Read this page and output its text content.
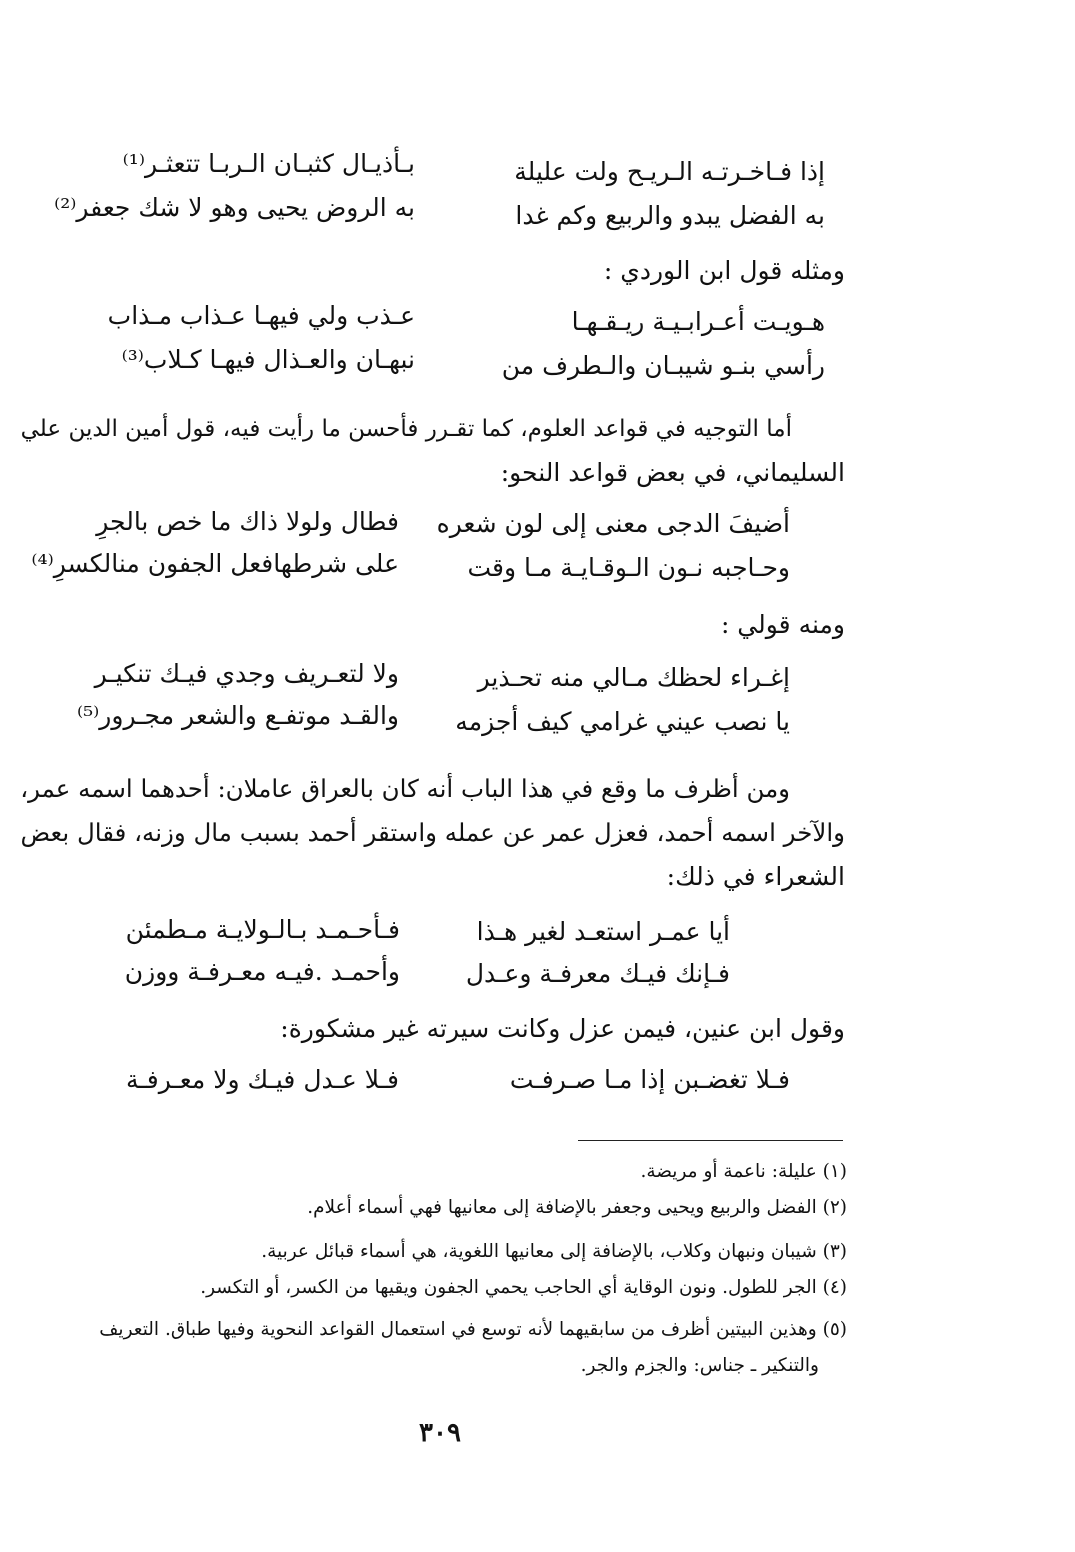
إذا فـاخـرتـه الـريـح ولت عليلة
بـأذيـال كثبـان الـربـا تتعثـر⁽¹⁾
به الفضل يبدو والربيع وكم غدا
به الروض يحيى وهو لا شك جعفر⁽²⁾
ومثله قول ابن الوردي :
هـويـت أعـرابـيـة ريـقـهـا
عـذب ولي فيهـا عـذاب مـذاب
رأسي بنـو شيبـان والـطرف من
نبهـان والعـذال فيهـا كـلاب⁽³⁾
أما التوجيه في قواعد العلوم، كما تقـرر فأحسن ما رأيت فيه، قول أمين الدين علي
السليماني، في بعض قواعد النحو:
أضيفَ الدجى معنى إلى لون شعره
فطال ولولا ذاك ما خص بالجرِ
وحـاجبه نـون الـوقـايـة مـا وقت
على شرطهافعل الجفون منالكسرِ⁽⁴⁾
ومنه قولي :
إغـراء لحظك مـالي منه تحـذير
ولا لتعـريف وجدي فيـك تنكيـر
يا نصب عيني غرامي كيف أجزمه
والقـد موتفـع والشعر مجـرور⁽⁵⁾
ومن أظرف ما وقع في هذا الباب أنه كان بالعراق عاملان: أحدهما اسمه عمر،
والآخر اسمه أحمد، فعزل عمر عن عمله واستقر أحمد بسبب مال وزنه، فقال بعض
الشعراء في ذلك:
أيا عمـر استعـد لغير هـذا
فـأحـمـد بـالـولايـة مـطمئن
فـإنك فيـك معرفـة وعـدل
وأحمـد .فيـه معـرفـة ووزن
وقول ابن عنين، فيمن عزل وكانت سيرته غير مشكورة:
فـلا تغضـبن إذا مـا صـرفـت
فـلا عـدل فيـك ولا معـرفـة
(١) عليلة: ناعمة أو مريضة.
(٢) الفضل والربيع ويحيى وجعفر بالإضافة إلى معانيها فهي أسماء أعلام.
(٣) شيبان ونبهان وكلاب، بالإضافة إلى معانيها اللغوية، هي أسماء قبائل عربية.
(٤) الجر للطول. ونون الوقاية أي الحاجب يحمي الجفون ويقيها من الكسر، أو التكسر.
(٥) وهذين البيتين أظرف من سابقيهما لأنه توسع في استعمال القواعد النحوية وفيها طباق. التعريف
والتنكير ـ جناس: والجزم والجر.
٣٠٩
